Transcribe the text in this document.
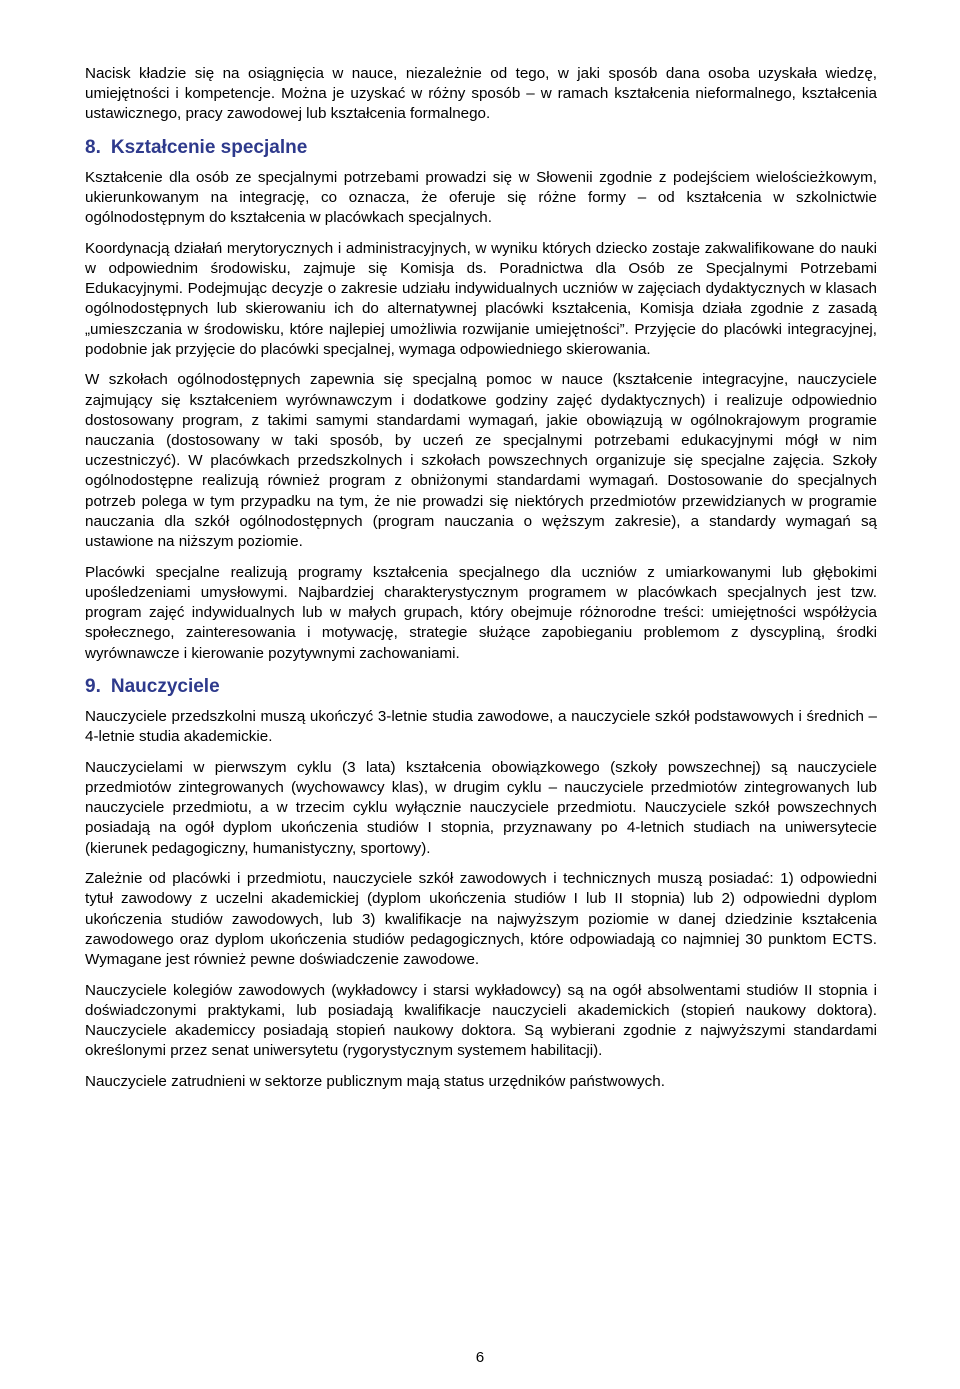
Nacisk kładzie się na osiągnięcia w nauce, niezależnie od tego, w jaki sposób dana osoba uzyskała wiedzę, umiejętności i kompetencje. Można je uzyskać w różny sposób – w ramach kształcenia nieformalnego, kształcenia ustawicznego, pracy zawodowej lub kształcenia formalnego.

8. Kształcenie specjalne

Kształcenie dla osób ze specjalnymi potrzebami prowadzi się w Słowenii zgodnie z podejściem wielościeżkowym, ukierunkowanym na integrację, co oznacza, że oferuje się różne formy – od kształcenia w szkolnictwie ogólnodostępnym do kształcenia w placówkach specjalnych.

Koordynacją działań merytorycznych i administracyjnych, w wyniku których dziecko zostaje zakwalifikowane do nauki w odpowiednim środowisku, zajmuje się Komisja ds. Poradnictwa dla Osób ze Specjalnymi Potrzebami Edukacyjnymi. Podejmując decyzje o zakresie udziału indywidualnych uczniów w zajęciach dydaktycznych w klasach ogólnodostępnych lub skierowaniu ich do alternatywnej placówki kształcenia, Komisja działa zgodnie z zasadą „umieszczania w środowisku, które najlepiej umożliwia rozwijanie umiejętności”. Przyjęcie do placówki integracyjnej, podobnie jak przyjęcie do placówki specjalnej, wymaga odpowiedniego skierowania.

W szkołach ogólnodostępnych zapewnia się specjalną pomoc w nauce (kształcenie integracyjne, nauczyciele zajmujący się kształceniem wyrównawczym i dodatkowe godziny zajęć dydaktycznych) i realizuje odpowiednio dostosowany program, z takimi samymi standardami wymagań, jakie obowiązują w ogólnokrajowym programie nauczania (dostosowany w taki sposób, by uczeń ze specjalnymi potrzebami edukacyjnymi mógł w nim uczestniczyć). W placówkach przedszkolnych i szkołach powszechnych organizuje się specjalne zajęcia. Szkoły ogólnodostępne realizują również program z obniżonymi standardami wymagań. Dostosowanie do specjalnych potrzeb polega w tym przypadku na tym, że nie prowadzi się niektórych przedmiotów przewidzianych w programie nauczania dla szkół ogólnodostępnych (program nauczania o węższym zakresie), a standardy wymagań są ustawione na niższym poziomie.

Placówki specjalne realizują programy kształcenia specjalnego dla uczniów z umiarkowanymi lub głębokimi upośledzeniami umysłowymi. Najbardziej charakterystycznym programem w placówkach specjalnych jest tzw. program zajęć indywidualnych lub w małych grupach, który obejmuje różnorodne treści: umiejętności współżycia społecznego, zainteresowania i motywację, strategie służące zapobieganiu problemom z dyscypliną, środki wyrównawcze i kierowanie pozytywnymi zachowaniami.

9. Nauczyciele

Nauczyciele przedszkolni muszą ukończyć 3-letnie studia zawodowe, a nauczyciele szkół podstawowych i średnich – 4-letnie studia akademickie.

Nauczycielami w pierwszym cyklu (3 lata) kształcenia obowiązkowego (szkoły powszechnej) są nauczyciele przedmiotów zintegrowanych (wychowawcy klas), w drugim cyklu – nauczyciele przedmiotów zintegrowanych lub nauczyciele przedmiotu, a w trzecim cyklu wyłącznie nauczyciele przedmiotu. Nauczyciele szkół powszechnych posiadają na ogół dyplom ukończenia studiów I stopnia, przyznawany po 4-letnich studiach na uniwersytecie (kierunek pedagogiczny, humanistyczny, sportowy).

Zależnie od placówki i przedmiotu, nauczyciele szkół zawodowych i technicznych muszą posiadać: 1) odpowiedni tytuł zawodowy z uczelni akademickiej (dyplom ukończenia studiów I lub II stopnia) lub 2) odpowiedni dyplom ukończenia studiów zawodowych, lub 3) kwalifikacje na najwyższym poziomie w danej dziedzinie kształcenia zawodowego oraz dyplom ukończenia studiów pedagogicznych, które odpowiadają co najmniej 30 punktom ECTS. Wymagane jest również pewne doświadczenie zawodowe.

Nauczyciele kolegiów zawodowych (wykładowcy i starsi wykładowcy) są na ogół absolwentami studiów II stopnia i doświadczonymi praktykami, lub posiadają kwalifikacje nauczycieli akademickich (stopień naukowy doktora). Nauczyciele akademiccy posiadają stopień naukowy doktora. Są wybierani zgodnie z najwyższymi standardami określonymi przez senat uniwersytetu (rygorystycznym systemem habilitacji).

Nauczyciele zatrudnieni w sektorze publicznym mają status urzędników państwowych.

6
